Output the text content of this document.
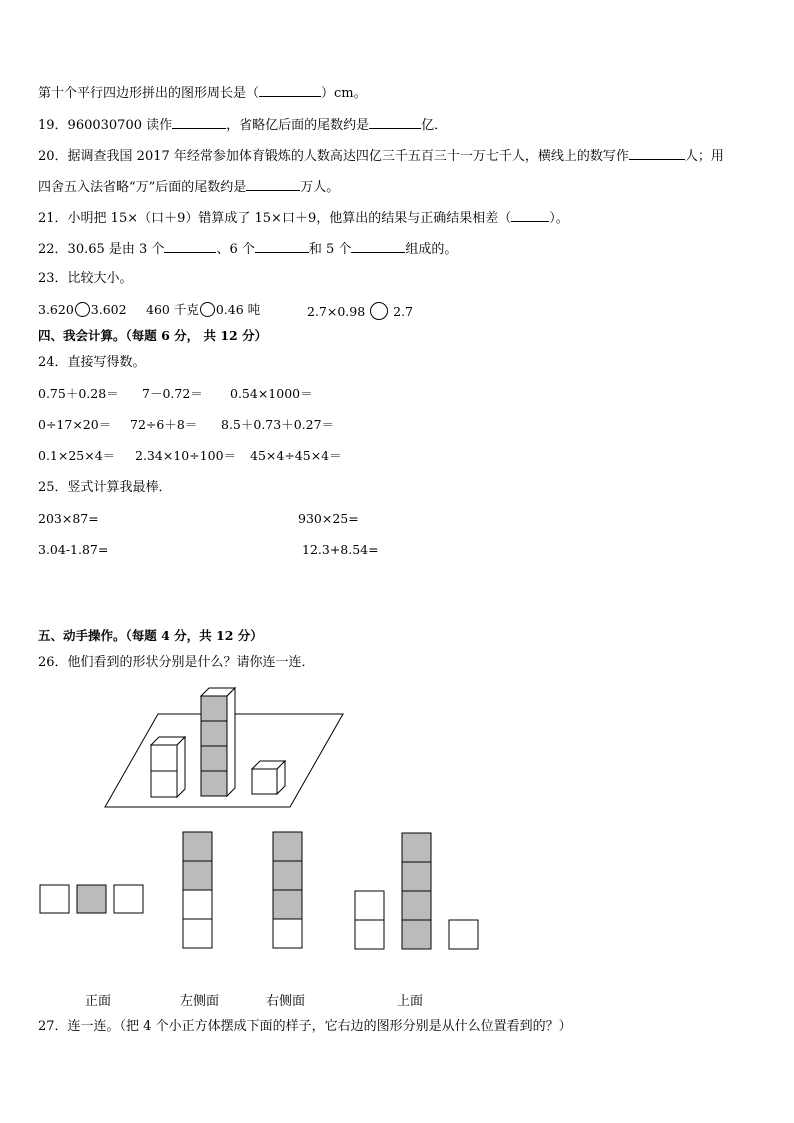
第十个平行四边形拼出的图形周长是（	）cm。
19．960030700 读作	，省略亿后面的尾数约是	亿．
20．据调查我国 2017 年经常参加体育锻炼的人数高达四亿三千五百三十一万七千人，横线上的数写作	人；用
四舍五入法省略“万”后面的尾数约是	万人。
21．小明把 15×（口＋9）错算成了 15×口＋9，他算出的结果与正确结果相差（	）。
22．30.65 是由 3 个	、6 个	和 5 个	组成的。
23．比较大小。
3.620 3.602 460 千克 0.46 吨	2.7×0.98 2.7
四、我会计算。（每题 6 分， 共 12 分）
24．直接写得数。
0.75＋0.28＝ 7－0.72＝ 0.54×1000＝
0÷17×20＝ 72÷6＋8＝ 8.5＋0.73＋0.27＝
0.1×25×4＝ 2.34×10÷100＝ 45×4÷45×4＝
25．竖式计算我最棒．
203×87=	930×25=
3.04-1.87=	12.3+8.54=
五、动手操作。（每题 4 分，共 12 分）
26．他们看到的形状分别是什么？请你连一连．
正面	左侧面	右侧面	上面
27．连一连。（把 4 个小正方体摆成下面的样子，它右边的图形分别是从什么位置看到的？）
